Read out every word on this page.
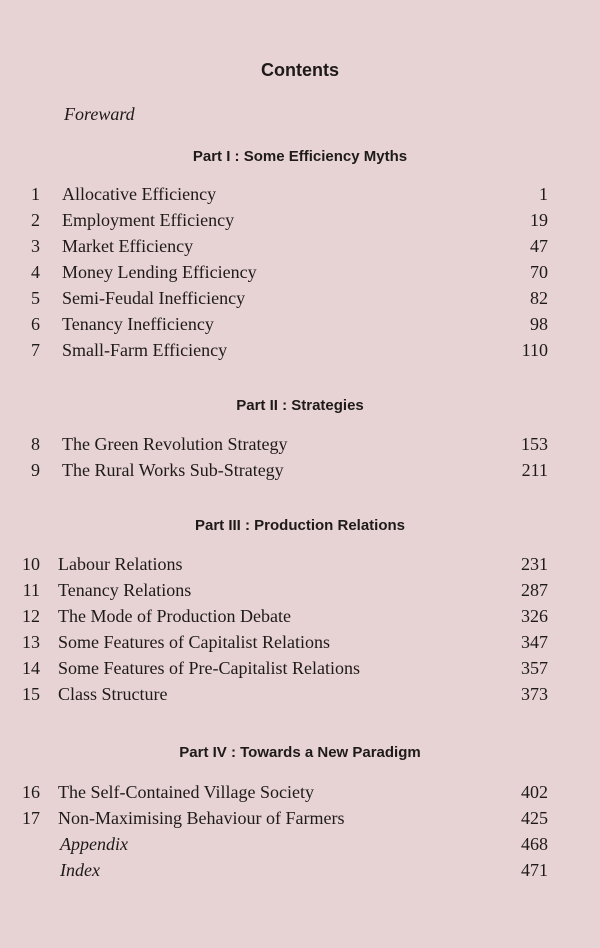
Contents
Foreward
Part I : Some Efficiency Myths
1 Allocative Efficiency	1
2 Employment Efficiency	19
3 Market Efficiency	47
4 Money Lending Efficiency	70
5 Semi-Feudal Inefficiency	82
6 Tenancy Inefficiency	98
7 Small-Farm Efficiency	110
Part II : Strategies
8 The Green Revolution Strategy	153
9 The Rural Works Sub-Strategy	211
Part III : Production Relations
10 Labour Relations	231
11 Tenancy Relations	287
12 The Mode of Production Debate	326
13 Some Features of Capitalist Relations	347
14 Some Features of Pre-Capitalist Relations	357
15 Class Structure	373
Part IV : Towards a New Paradigm
16 The Self-Contained Village Society	402
17 Non-Maximising Behaviour of Farmers	425
Appendix	468
Index	471
